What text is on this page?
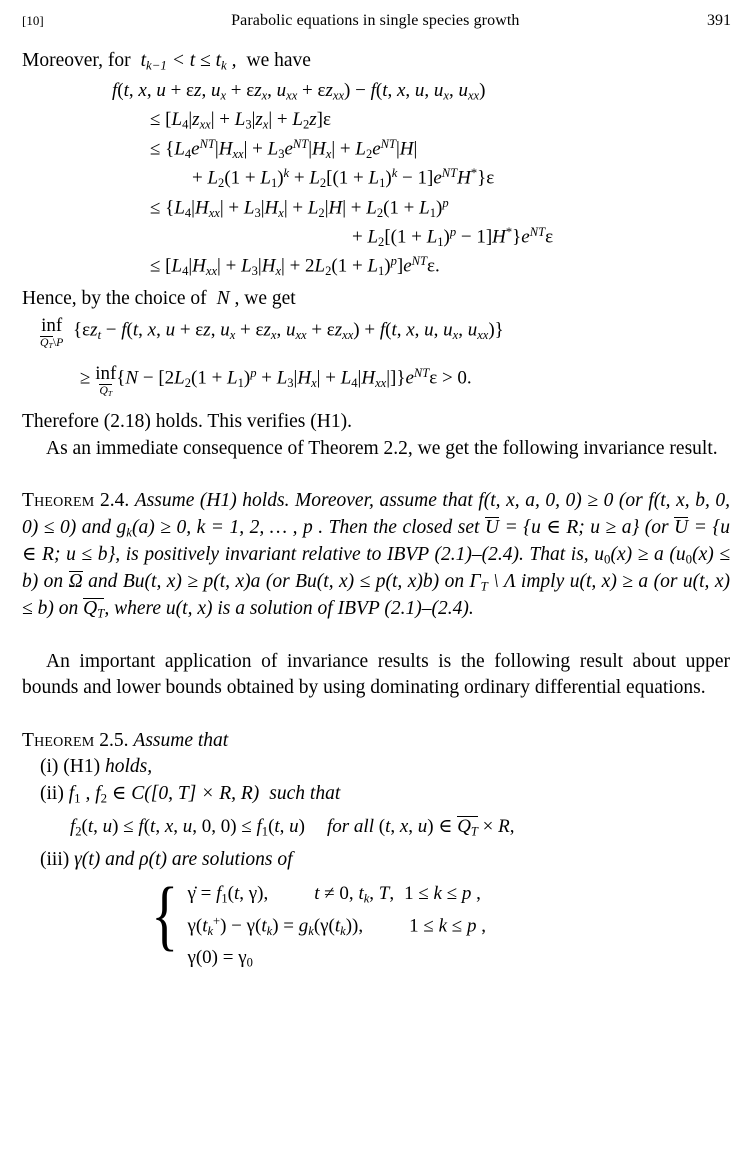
[10]	Parabolic equations in single species growth	391
Moreover, for $t_{k-1} < t \le t_k$ , we have
f(t, x, u + εz, $u_x + \varepsilon z_x$, $u_{xx} + \varepsilon z_{xx}) - f(t$, x, u, $u_x$, $u_{xx}$)
≤ $[L4|z_{xx}| + L3|z_x| + L2z]\varepsilon$
≤ {$L4e^{NT}|H_{xx}| + L3e^{NT}|H_x| + L2e^{NT}|H|$
+ $L2(1 + L1)^k + L2[(1 + L1)^k - 1]e^{NT}H^*\}\varepsilon$
≤ {$L4|H_{xx}| + L3|H_x| + L2|H| + L2(1 + L1)^p$
+ $L2[(1 + L1)^p - 1]H^*\}e^{NT}\varepsilon$
≤ $[L4|H_{xx}| + L3|H_x| + 2L2(1 + L1)^p]e^{NT}\varepsilon$.
Hence, by the choice of N , we get
inf
$Q_T\backslash P$
{$\varepsilon z_t - f(t$, x, u + εz, $u_x + \varepsilon z_x$, $u_{xx} + \varepsilon z_{xx}) + f(t$, x, u, $u_x$, $u_{xx}$)}
≥ inf
$Q_T$
$\{N - [2L2(1 + L1)^p + L3|H_x| + L4|H_{xx}|]\}e^{NT}\varepsilon > 0$.
Therefore (2.18) holds. This verifies (H1).
As an immediate consequence of Theorem 2.2, we get the following invariance result.
Theorem 2.4. Assume (H1) holds. Moreover, assume that f(t, x, a, 0, 0) ≥ 0 (or f(t, x, b, 0, 0) ≤ 0) and $g_k(a) \ge 0$, k = 1, 2, … , p . Then the closed set U = {u ∈ R; u ≥ a} (or U = {u ∈ R; u ≤ b}, is positively invariant relative to IBVP (2.1)–(2.4). That is, u0(x) ≥ a (u0(x) ≤ b) on Ω and Bu(t, x) ≥ p(t, x)a (or Bu(t, x) ≤ p(t, x)b) on $\Gamma_T$ \ Λ imply u(t, x) ≥ a (or u(t, x) ≤ b) on $Q_T$, where u(t, x) is a solution of IBVP (2.1)–(2.4).
An important application of invariance results is the following result about upper bounds and lower bounds obtained by using dominating ordinary differential equations.
Theorem 2.5. Assume that
(i) (H1) holds,
(ii) f1 , f2 ∈ C([0, T] × R, R) such that
f2(t, u) ≤ f(t, x, u, 0, 0) ≤ f1(t, u) for all (t, x, u) ∈ $Q_T \times R$,
(iii) γ(t) and ρ(t) are solutions of
{ γ̇ = f1(t, γ), t ≠ 0, $t_k$, T, 1 ≤ k ≤ p ,
$\gamma(t_k^+) - \gamma(t_k) = g_k(\gamma(t_k))$, 1 ≤ k ≤ p ,
γ(0) = γ0
